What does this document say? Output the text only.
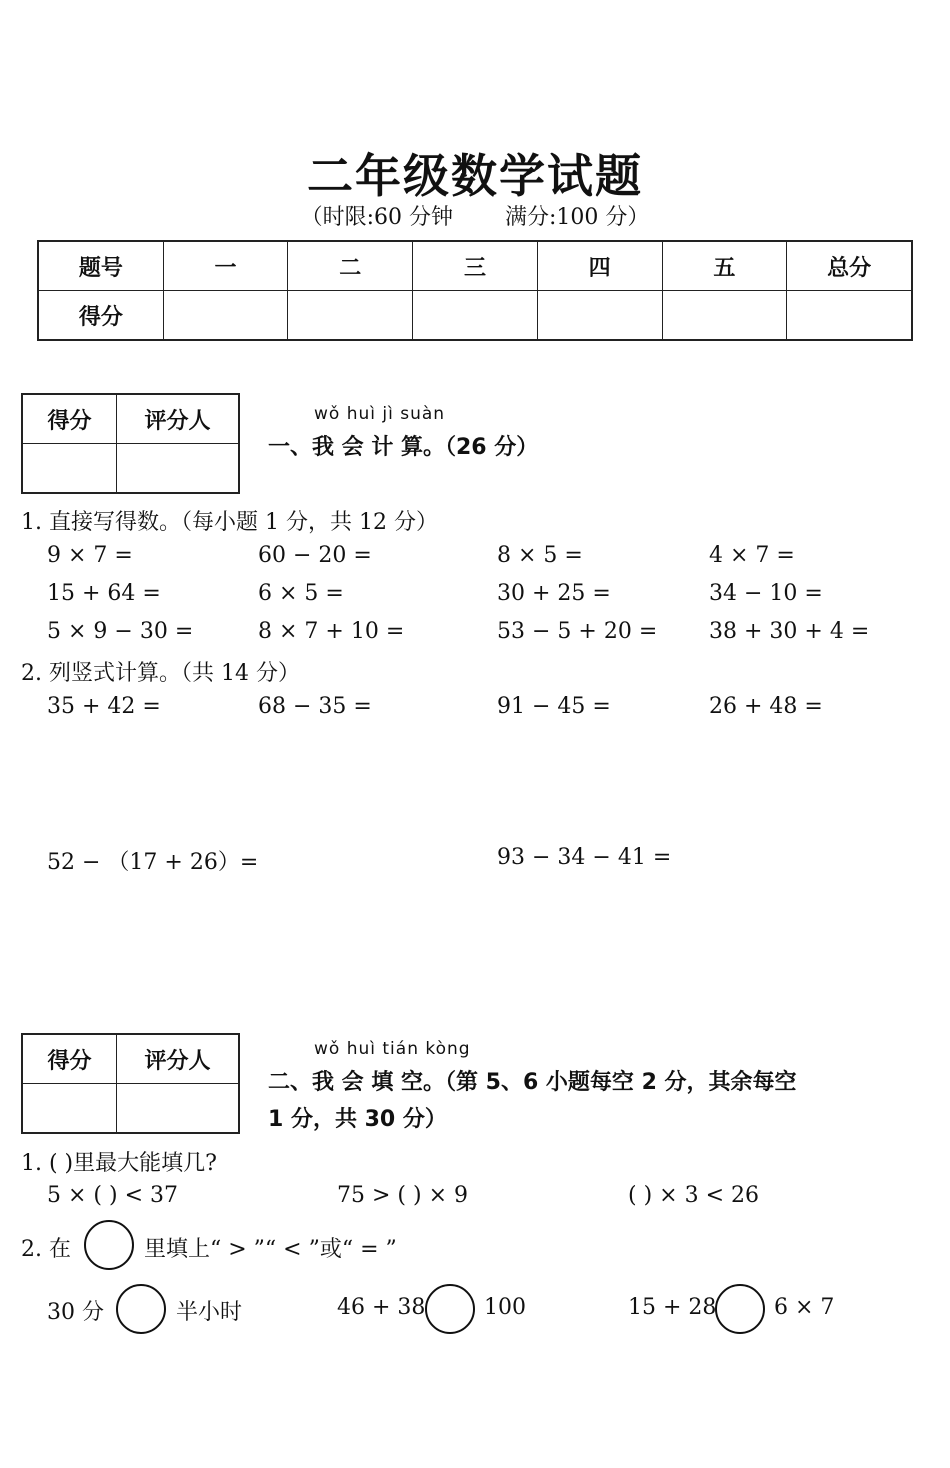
二年级数学试题
（时限:60 分钟 满分:100 分）
题号	一	二	三	四	五	总分
得分						
得分	评分人
		wǒ huì jì suàn
一、我 会 计 算。（26 分）
1. 直接写得数。（每小题 1 分，共 12 分）
9 × 7 =	60 − 20 =	8 × 5 =	4 × 7 =
15 + 64 =	6 × 5 =	30 + 25 =	34 − 10 =
5 × 9 − 30 =	8 × 7 + 10 =	53 − 5 + 20 = 38 + 30 + 4 =
2. 列竖式计算。（共 14 分）
35 + 42 =	68 − 35 =	91 − 45 =	26 + 48 =
52 − （17 + 26）=	93 − 34 − 41 =
得分	评分人
		wǒ huì tián kòng
二、我 会 填 空。（第 5、6 小题每空 2 分，其余每空
1 分，共 30 分）
1. ( )里最大能填几?
5 × ( ) < 37	75 > ( ) × 9	( ) × 3 < 26
2. 在	里填上“ > ”“ < ”或“ = ”
30 分	半小时	46 + 38	100	15 + 28	6 × 7
